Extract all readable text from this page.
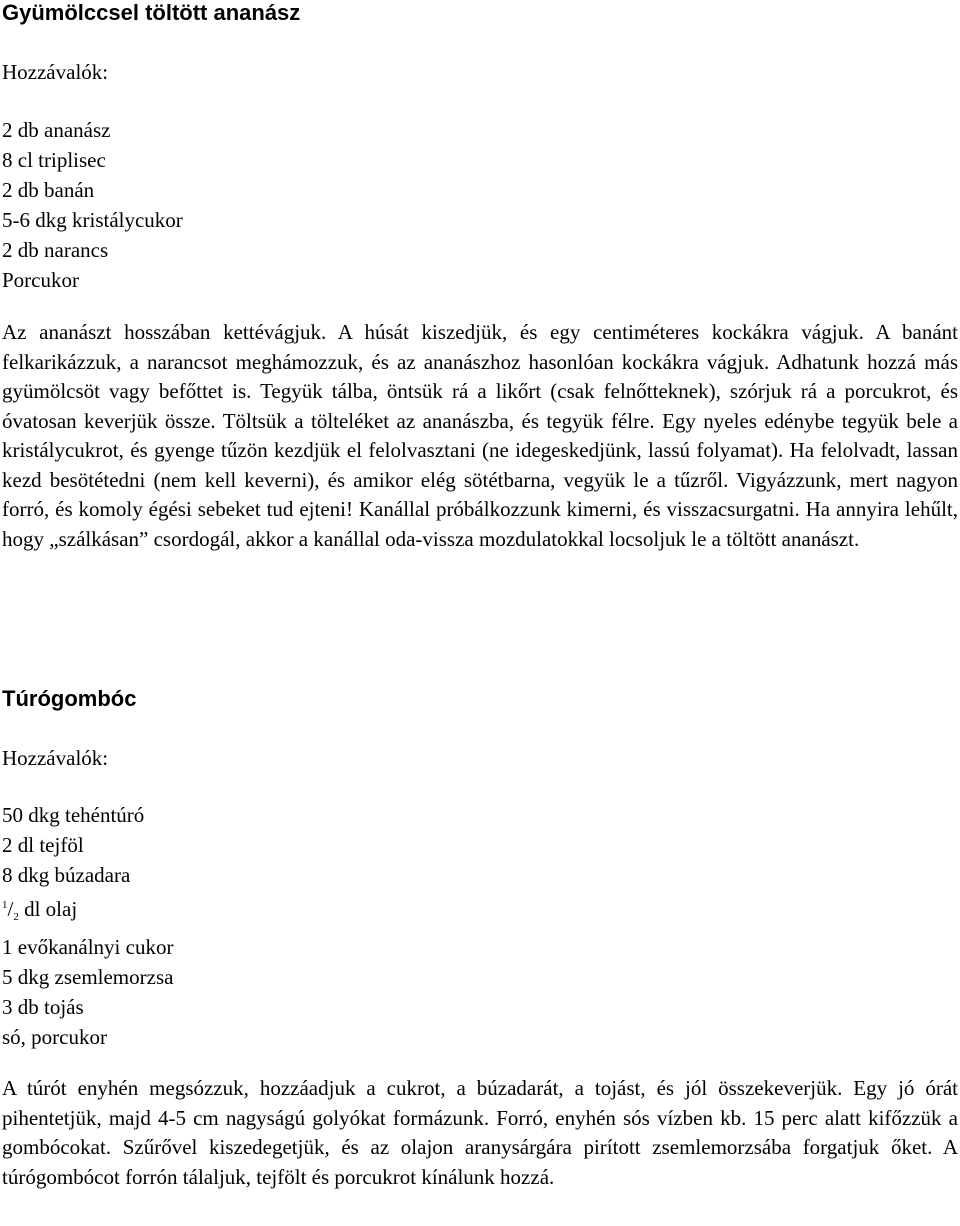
Gyümölccsel töltött ananász

Hozzávalók:

2 db ananász
8 cl triplisec
2 db banán
5-6 dkg kristálycukor
2 db narancs
Porcukor

Az ananászt hosszában kettévágjuk. A húsát kiszedjük, és egy centiméteres kockákra vágjuk. A banánt felkarikázzuk, a narancsot meghámozzuk, és az ananászhoz hasonlóan kockákra vágjuk. Adhatunk hozzá más gyümölcsöt vagy befőttet is. Tegyük tálba, öntsük rá a likőrt (csak felnőtteknek), szórjuk rá a porcukrot, és óvatosan keverjük össze. Töltsük a töltеléket az ananászba, és tegyük félre. Egy nyeles edénybe tegyük bele a kristálycukrot, és gyenge tűzön kezdjük el felolvasztani (ne idegeskedjünk, lassú folyamat). Ha felolvadt, lassan kezd besötétedni (nem kell keverni), és amikor elég sötétbarna, vegyük le a tűzről. Vigyázzunk, mert nagyon forró, és komoly égési sebeket tud ejteni! Kanállal próbálkozzunk kimerni, és visszacsurgatni. Ha annyira lehűlt, hogy „szálkásan” csordogál, akkor a kanállal oda-vissza mozdulatokkal locsoljuk le a töltött ananászt.

Túrógombóc

Hozzávalók:

50 dkg tehéntúró
2 dl tejföl
8 dkg búzadara
$^1$/2 dl olaj
1 evőkanálnyi cukor
5 dkg zsemlemorzsa
3 db tojás
só, porcukor

A túrót enyhén megsózzuk, hozzáadjuk a cukrot, a búzadarát, a tojást, és jól összekeverjük. Egy jó órát pihentetjük, majd 4-5 cm nagyságú golyókat formázunk. Forró, enyhén sós vízben kb. 15 perc alatt kifőzzük a gombócokat. Szűrővel kiszedegetjük, és az olajon aranysárgára pirított zsemlemorzsába forgatjuk őket. A túrógombócot forrón tálaljuk, tejfölt és porcukrot kínálunk hozzá.
